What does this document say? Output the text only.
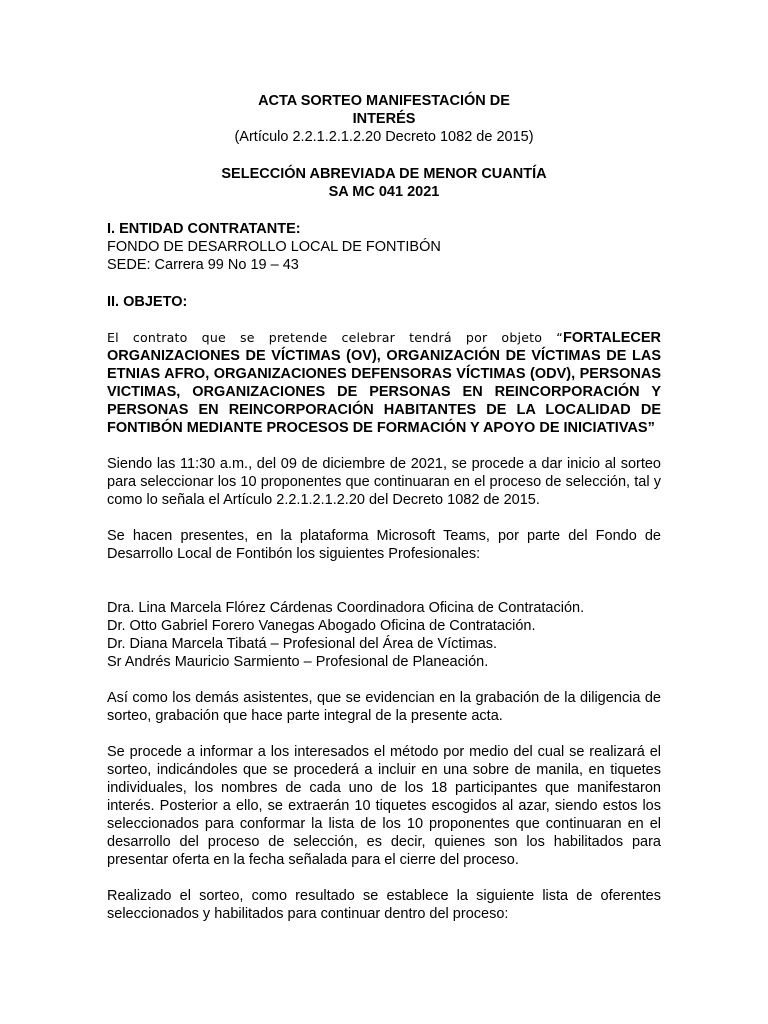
ACTA SORTEO MANIFESTACIÓN DE
INTERÉS
(Artículo 2.2.1.2.1.2.20 Decreto 1082 de 2015)
SELECCIÓN ABREVIADA DE MENOR CUANTÍA
SA MC 041 2021
I. ENTIDAD CONTRATANTE:
FONDO DE DESARROLLO LOCAL DE FONTIBÓN
SEDE: Carrera 99 No 19 – 43
II. OBJETO:

El contrato que se pretende celebrar tendrá por objeto “FORTALECER ORGANIZACIONES DE VÍCTIMAS (OV), ORGANIZACIÓN DE VÍCTIMAS DE LAS ETNIAS AFRO, ORGANIZACIONES DEFENSORAS VÍCTIMAS (ODV), PERSONAS VICTIMAS, ORGANIZACIONES DE PERSONAS EN REINCORPORACIÓN Y PERSONAS EN REINCORPORACIÓN HABITANTES DE LA LOCALIDAD DE FONTIBÓN MEDIANTE PROCESOS DE FORMACIÓN Y APOYO DE INICIATIVAS”

Siendo las 11:30 a.m., del 09 de diciembre de 2021, se procede a dar inicio al sorteo para seleccionar los 10 proponentes que continuaran en el proceso de selección, tal y como lo señala el Artículo 2.2.1.2.1.2.20 del Decreto 1082 de 2015.

Se hacen presentes, en la plataforma Microsoft Teams, por parte del Fondo de Desarrollo Local de Fontibón los siguientes Profesionales:

Dra. Lina Marcela Flórez Cárdenas Coordinadora Oficina de Contratación.
Dr. Otto Gabriel Forero Vanegas Abogado Oficina de Contratación.
Dr. Diana Marcela Tibatá – Profesional del Área de Víctimas.
Sr Andrés Mauricio Sarmiento – Profesional de Planeación.

Así como los demás asistentes, que se evidencian en la grabación de la diligencia de sorteo, grabación que hace parte integral de la presente acta.

Se procede a informar a los interesados el método por medio del cual se realizará el sorteo, indicándoles que se procederá a incluir en una sobre de manila, en tiquetes individuales, los nombres de cada uno de los 18 participantes que manifestaron interés. Posterior a ello, se extraerán 10 tiquetes escogidos al azar, siendo estos los seleccionados para conformar la lista de los 10 proponentes que continuaran en el desarrollo del proceso de selección, es decir, quienes son los habilitados para presentar oferta en la fecha señalada para el cierre del proceso.

Realizado el sorteo, como resultado se establece la siguiente lista de oferentes seleccionados y habilitados para continuar dentro del proceso:
